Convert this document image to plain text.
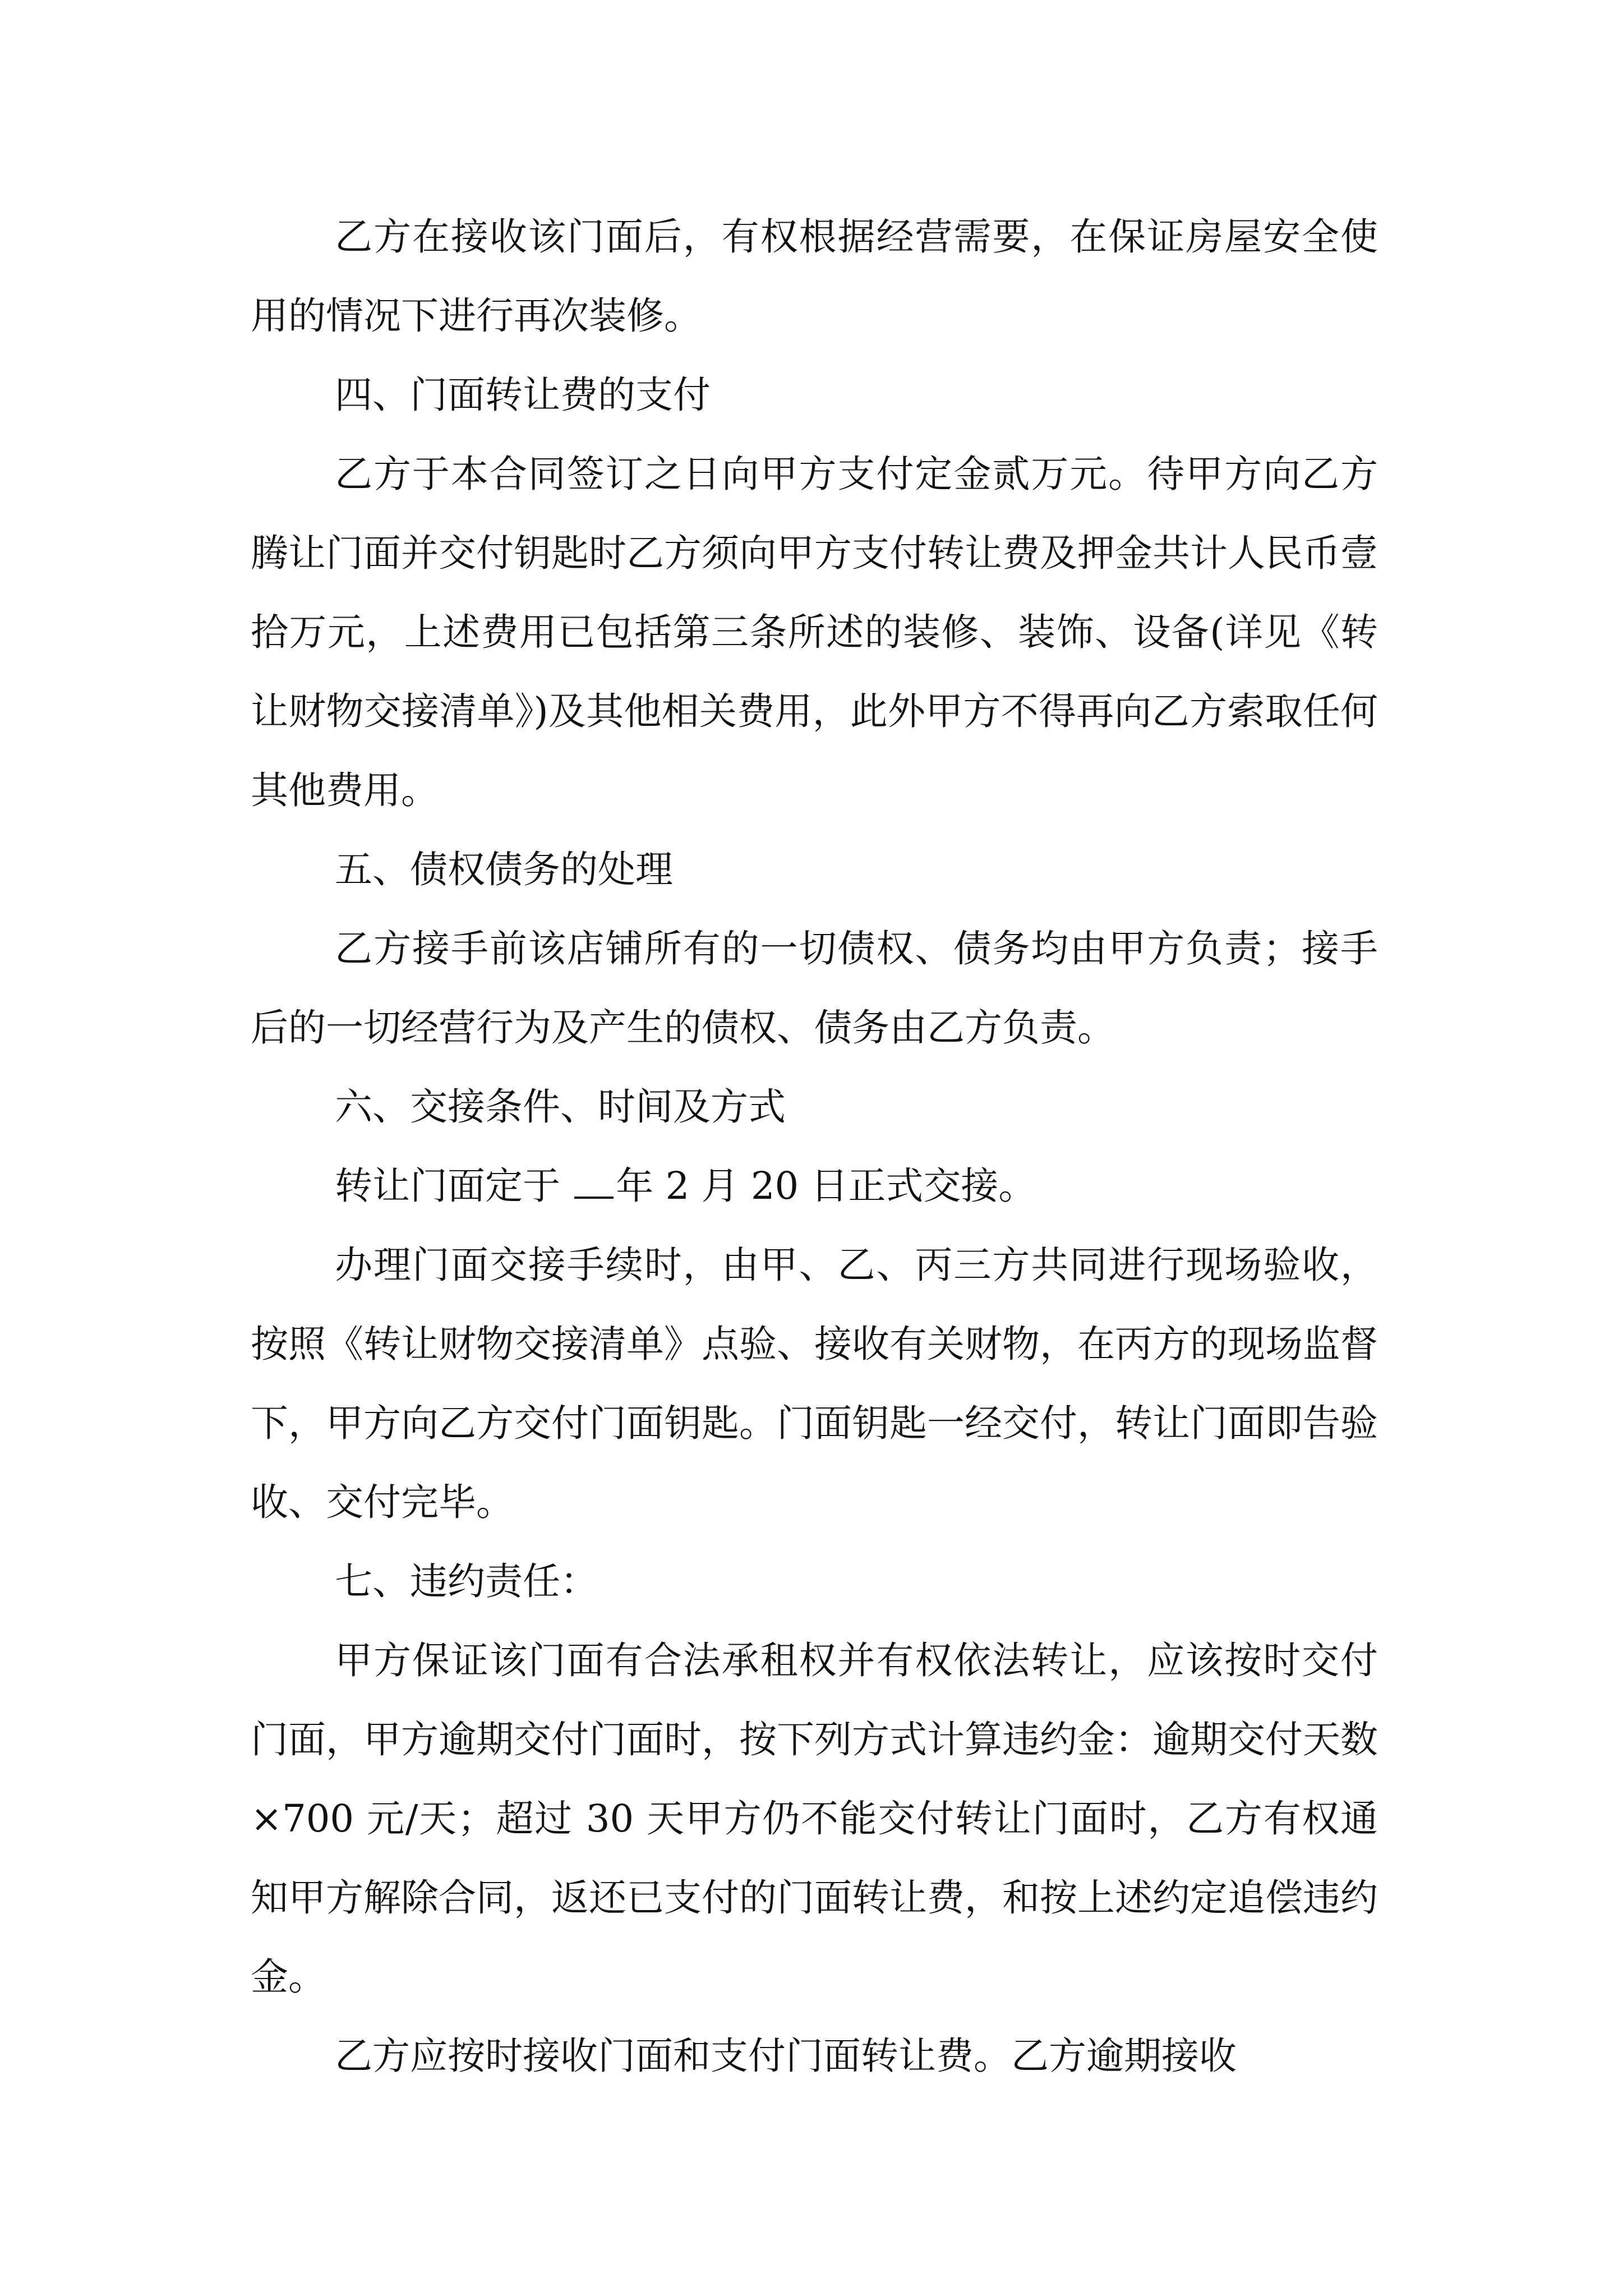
乙方在接收该门面后，有权根据经营需要，在保证房屋安全使用的情况下进行再次装修。

四、门面转让费的支付

乙方于本合同签订之日向甲方支付定金贰万元。待甲方向乙方腾让门面并交付钥匙时乙方须向甲方支付转让费及押金共计人民币壹拾万元，上述费用已包括第三条所述的装修、装饰、设备(详见《转让财物交接清单》)及其他相关费用，此外甲方不得再向乙方索取任何其他费用。

五、债权债务的处理

乙方接手前该店铺所有的一切债权、债务均由甲方负责；接手后的一切经营行为及产生的债权、债务由乙方负责。

六、交接条件、时间及方式

转让门面定于 年 2 月 20 日正式交接。

办理门面交接手续时，由甲、乙、丙三方共同进行现场验收，按照《转让财物交接清单》点验、接收有关财物，在丙方的现场监督下，甲方向乙方交付门面钥匙。门面钥匙一经交付，转让门面即告验收、交付完毕。

七、违约责任：

甲方保证该门面有合法承租权并有权依法转让，应该按时交付门面，甲方逾期交付门面时，按下列方式计算违约金：逾期交付天数×700 元/天；超过 30 天甲方仍不能交付转让门面时，乙方有权通知甲方解除合同，返还已支付的门面转让费，和按上述约定追偿违约金。

乙方应按时接收门面和支付门面转让费。乙方逾期接收
